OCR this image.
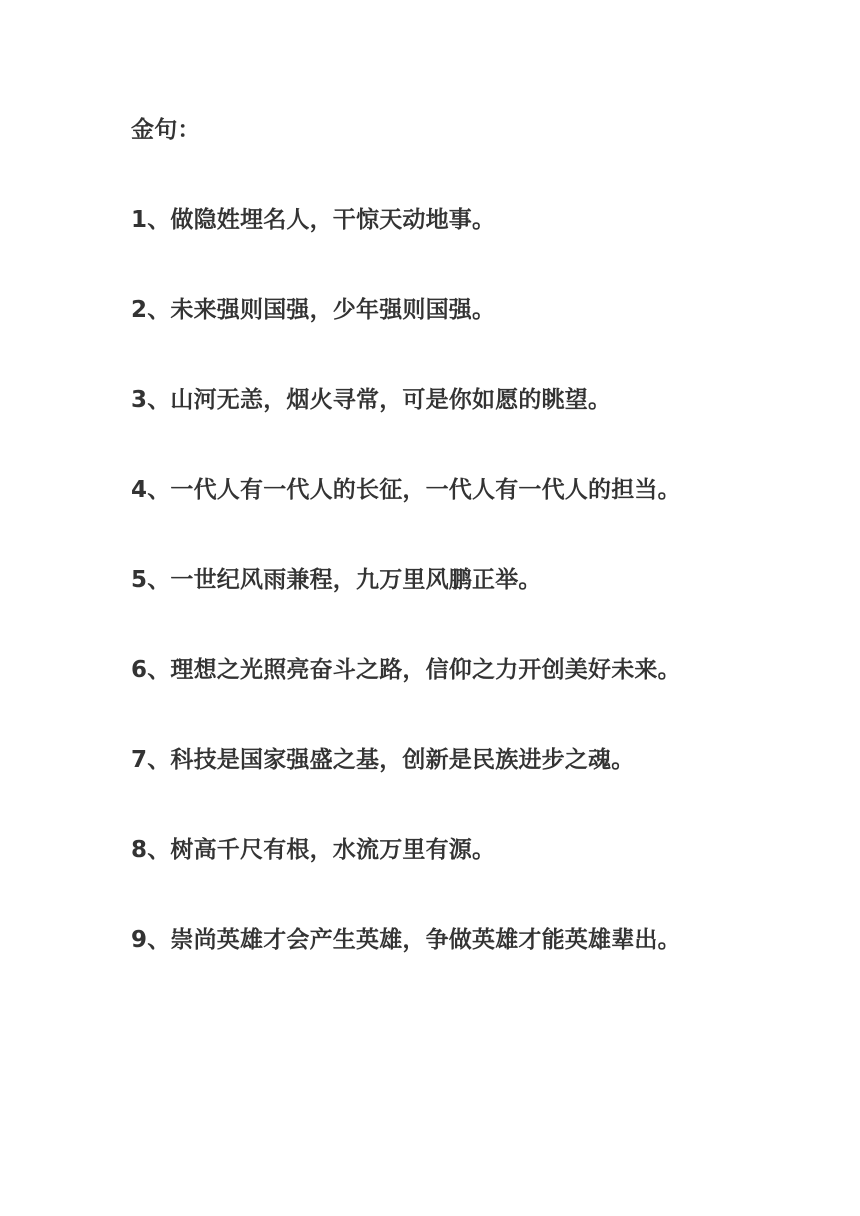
金句：
1、做隐姓埋名人，干惊天动地事。
2、未来强则国强，少年强则国强。
3、山河无恙，烟火寻常，可是你如愿的眺望。
4、一代人有一代人的长征，一代人有一代人的担当。
5、一世纪风雨兼程，九万里风鹏正举。
6、理想之光照亮奋斗之路，信仰之力开创美好未来。
7、科技是国家强盛之基，创新是民族进步之魂。
8、树高千尺有根，水流万里有源。
9、崇尚英雄才会产生英雄，争做英雄才能英雄辈出。
